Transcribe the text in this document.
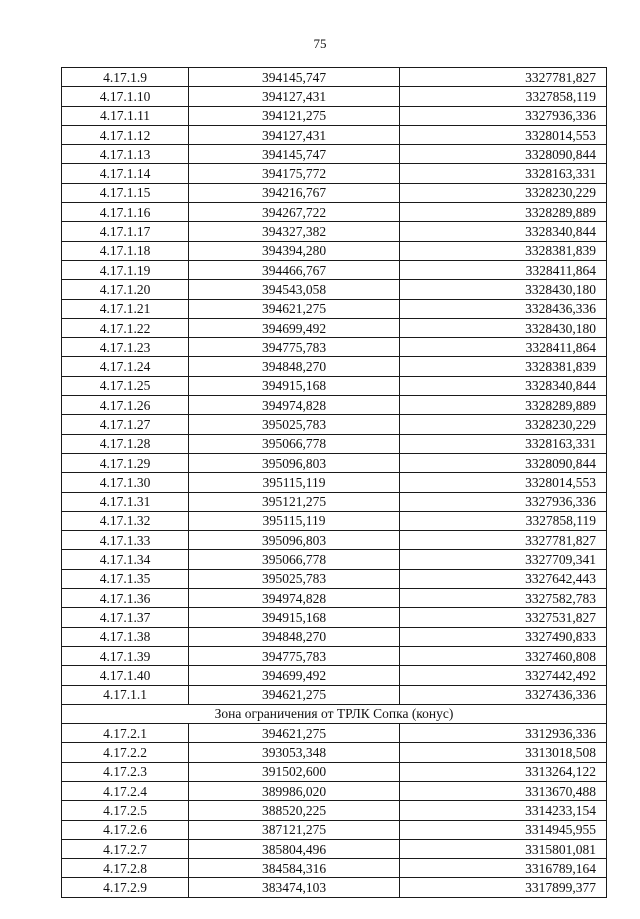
75
4.17.1.9	394145,747	3327781,827
4.17.1.10	394127,431	3327858,119
4.17.1.11	394121,275	3327936,336
4.17.1.12	394127,431	3328014,553
4.17.1.13	394145,747	3328090,844
4.17.1.14	394175,772	3328163,331
4.17.1.15	394216,767	3328230,229
4.17.1.16	394267,722	3328289,889
4.17.1.17	394327,382	3328340,844
4.17.1.18	394394,280	3328381,839
4.17.1.19	394466,767	3328411,864
4.17.1.20	394543,058	3328430,180
4.17.1.21	394621,275	3328436,336
4.17.1.22	394699,492	3328430,180
4.17.1.23	394775,783	3328411,864
4.17.1.24	394848,270	3328381,839
4.17.1.25	394915,168	3328340,844
4.17.1.26	394974,828	3328289,889
4.17.1.27	395025,783	3328230,229
4.17.1.28	395066,778	3328163,331
4.17.1.29	395096,803	3328090,844
4.17.1.30	395115,119	3328014,553
4.17.1.31	395121,275	3327936,336
4.17.1.32	395115,119	3327858,119
4.17.1.33	395096,803	3327781,827
4.17.1.34	395066,778	3327709,341
4.17.1.35	395025,783	3327642,443
4.17.1.36	394974,828	3327582,783
4.17.1.37	394915,168	3327531,827
4.17.1.38	394848,270	3327490,833
4.17.1.39	394775,783	3327460,808
4.17.1.40	394699,492	3327442,492
4.17.1.1	394621,275	3327436,336
Зона ограничения от ТРЛК Сопка (конус)		
4.17.2.1	394621,275	3312936,336
4.17.2.2	393053,348	3313018,508
4.17.2.3	391502,600	3313264,122
4.17.2.4	389986,020	3313670,488
4.17.2.5	388520,225	3314233,154
4.17.2.6	387121,275	3314945,955
4.17.2.7	385804,496	3315801,081
4.17.2.8	384584,316	3316789,164
4.17.2.9	383474,103	3317899,377
